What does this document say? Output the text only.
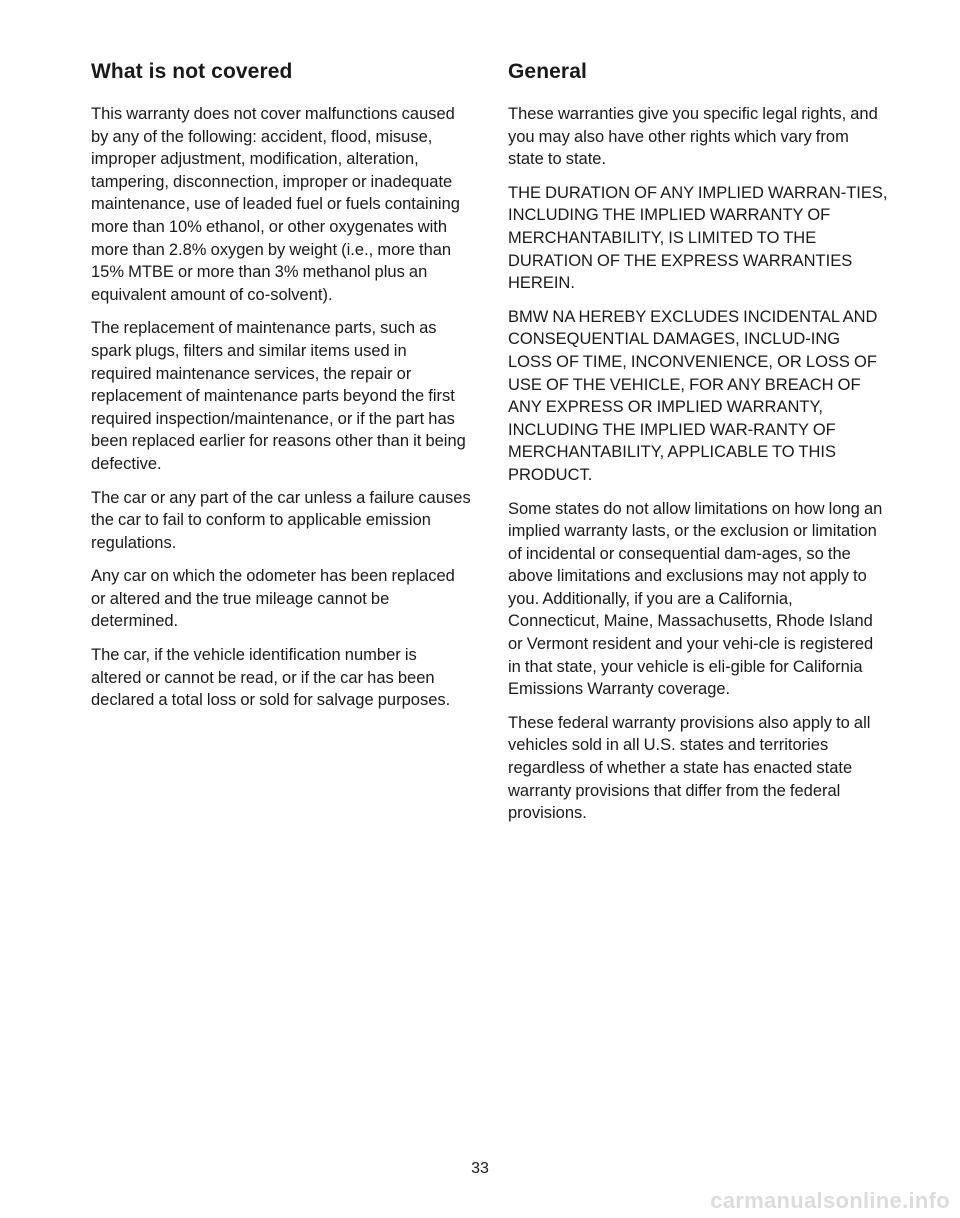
What is not covered

This warranty does not cover malfunctions caused by any of the following: accident, flood, misuse, improper adjustment, modification, alteration, tampering, disconnection, improper or inadequate maintenance, use of leaded fuel or fuels containing more than 10% ethanol, or other oxygenates with more than 2.8% oxygen by weight (i.e., more than 15% MTBE or more than 3% methanol plus an equivalent amount of co-solvent).

The replacement of maintenance parts, such as spark plugs, filters and similar items used in required maintenance services, the repair or replacement of maintenance parts beyond the first required inspection/maintenance, or if the part has been replaced earlier for reasons other than it being defective.

The car or any part of the car unless a failure causes the car to fail to conform to applicable emission regulations.

Any car on which the odometer has been replaced or altered and the true mileage cannot be determined.

The car, if the vehicle identification number is altered or cannot be read, or if the car has been declared a total loss or sold for salvage purposes.

General

These warranties give you specific legal rights, and you may also have other rights which vary from state to state.

THE DURATION OF ANY IMPLIED WARRAN-TIES, INCLUDING THE IMPLIED WARRANTY OF MERCHANTABILITY, IS LIMITED TO THE DURATION OF THE EXPRESS WARRANTIES HEREIN.

BMW NA HEREBY EXCLUDES INCIDENTAL AND CONSEQUENTIAL DAMAGES, INCLUD-ING LOSS OF TIME, INCONVENIENCE, OR LOSS OF USE OF THE VEHICLE, FOR ANY BREACH OF ANY EXPRESS OR IMPLIED WARRANTY, INCLUDING THE IMPLIED WAR-RANTY OF MERCHANTABILITY, APPLICABLE TO THIS PRODUCT.

Some states do not allow limitations on how long an implied warranty lasts, or the exclusion or limitation of incidental or consequential dam-ages, so the above limitations and exclusions may not apply to you. Additionally, if you are a California, Connecticut, Maine, Massachusetts, Rhode Island or Vermont resident and your vehi-cle is registered in that state, your vehicle is eli-gible for California Emissions Warranty coverage.

These federal warranty provisions also apply to all vehicles sold in all U.S. states and territories regardless of whether a state has enacted state warranty provisions that differ from the federal provisions.

33
carmanualsonline.info
